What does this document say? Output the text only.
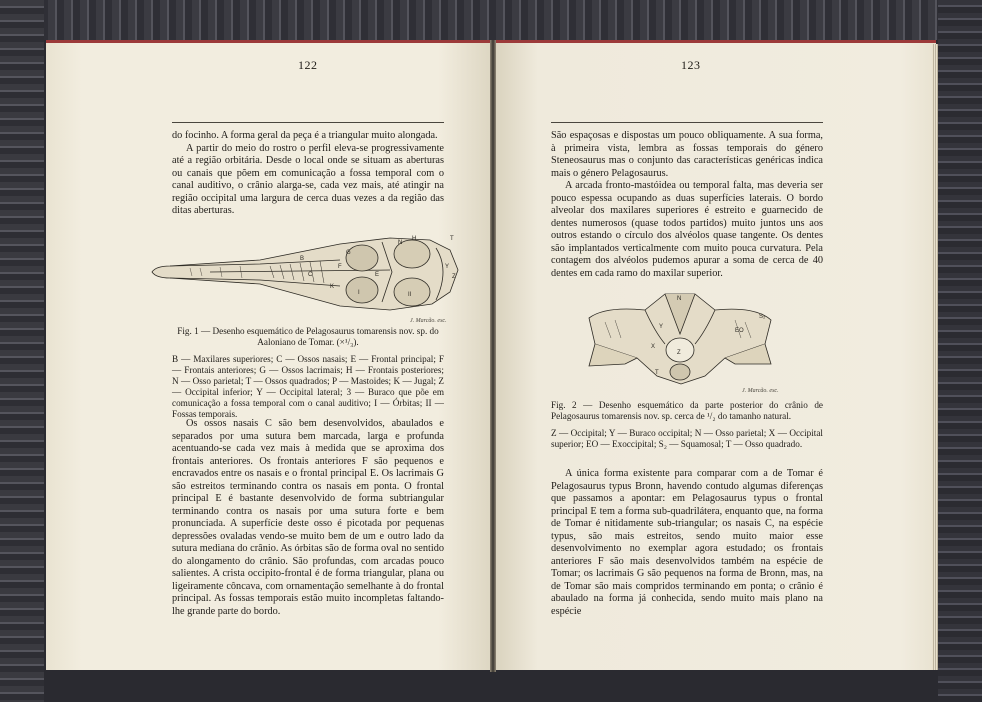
122

do focinho. A forma geral da peça é a triangular muito alongada.

A partir do meio do rostro o perfil eleva-se progressivamente até a região orbitária. Desde o local onde se situam as aberturas ou canais que põem em comunicação a fossa temporal com o canal auditivo, o crânio alarga-se, cada vez mais, até atingir na região occipital uma largura de cerca duas vezes a da região das ditas aberturas.

N
H	T
G
B
F
E
Y
Z
I	II
C
K
J. Marcão. esc.

Fig. 1 — Desenho esquemático de Pelagosaurus tomarensis nov. sp. do Aaloniano de Tomar. (×¹/₃).

B — Maxilares superiores; C — Ossos nasais; E — Frontal principal; F — Frontais anteriores; G — Ossos lacrimais; H — Frontais posteriores; N — Osso parietal; T — Ossos quadrados; P — Mastoides; K — Jugal; Z — Occipital inferior; Y — Occipital lateral; 3 — Buraco que põe em comunicação a fossa temporal com o canal auditivo; I — Órbitas; II — Fossas temporais.

Os ossos nasais C são bem desenvolvidos, abaulados e separados por uma sutura bem marcada, larga e profunda acentuando-se cada vez mais à medida que se aproxima dos frontais anteriores. Os frontais anteriores F são pequenos e encravados entre os nasais e o frontal principal E. Os lacrimais G são estreitos terminando contra os nasais em ponta. O frontal principal E é bastante desenvolvido de forma subtriangular terminando contra os nasais por uma sutura forte e bem pronunciada. A superfície deste osso é picotada por pequenas depressões ovaladas vendo-se muito bem de um e outro lado da sutura mediana do crânio. As órbitas são de forma oval no sentido do alongamento do crânio. São profundas, com arcadas pouco salientes. A crista occipito-frontal é de forma triangular, plana ou ligeiramente côncava, com ornamentação semelhante à do frontal principal. As fossas temporais estão muito incompletas faltando-lhe grande parte do bordo.

123

São espaçosas e dispostas um pouco obliquamente. A sua forma, à primeira vista, lembra as fossas temporais do género Steneosaurus mas o conjunto das características genéricas indica mais o género Pelagosaurus.

A arcada fronto-mastóidea ou temporal falta, mas deveria ser pouco espessa ocupando as duas superfícies laterais. O bordo alveolar dos maxilares superiores é estreito e guarnecido de dentes numerosos (quase todos partidos) muito juntos uns aos outros estando o círculo dos alvéolos quase tangente. Os dentes são implantados verticalmente com muito pouca curvatura. Pela contagem dos alvéolos pudemos apurar a soma de cerca de 40 dentes em cada ramo do maxilar superior.

N
Y
EO
Z
X
S₂
T
J. Marcão. esc.

Fig. 2 — Desenho esquemático da parte posterior do crânio de Pelagosaurus tomarensis nov. sp. cerca de ¹/₂ do tamanho natural.

Z — Occipital; Y — Buraco occipital; N — Osso parietal; X — Occipital superior; EO — Exoccipital; S₂ — Squamosal; T — Osso quadrado.

A única forma existente para comparar com a de Tomar é Pelagosaurus typus Bronn, havendo contudo algumas diferenças que passamos a apontar: em Pelagosaurus typus o frontal principal E tem a forma sub-quadrilátera, enquanto que, na forma de Tomar é nitidamente sub-triangular; os nasais C, na espécie typus, são mais estreitos, sendo muito maior esse desenvolvimento no exemplar agora estudado; os frontais anteriores F são mais desenvolvidos também na espécie de Tomar; os lacrimais G são pequenos na forma de Bronn, mas, na de Tomar são mais compridos terminando em ponta; o crânio é abaulado na forma já conhecida, sendo muito mais plano na espécie
